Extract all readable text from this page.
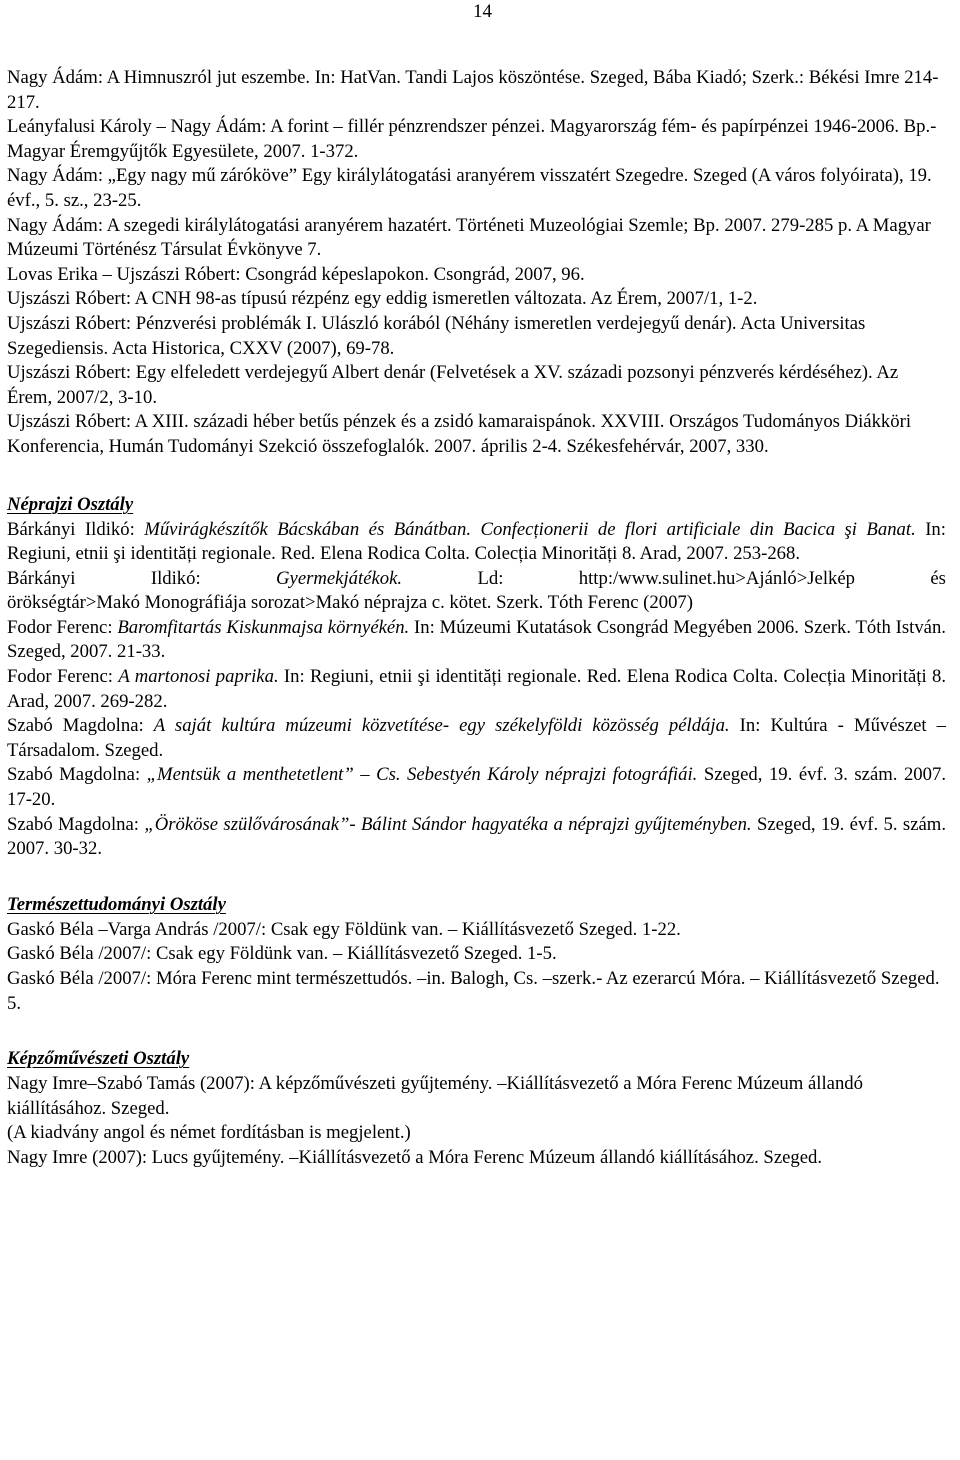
14

Nagy Ádám: A Himnuszról jut eszembe. In: HatVan. Tandi Lajos köszöntése. Szeged, Bába Kiadó; Szerk.: Békési Imre 214-217.

Leányfalusi Károly – Nagy Ádám: A forint – fillér pénzrendszer pénzei. Magyarország fém- és papírpénzei 1946-2006. Bp.- Magyar Éremgyűjtők Egyesülete, 2007. 1-372.

Nagy Ádám: „Egy nagy mű záróköve” Egy királylátogatási aranyérem visszatért Szegedre. Szeged (A város folyóirata), 19. évf., 5. sz., 23-25.

Nagy Ádám: A szegedi királylátogatási aranyérem hazatért. Történeti Muzeológiai Szemle; Bp. 2007. 279-285 p. A Magyar Múzeumi Történész Társulat Évkönyve 7.

Lovas Erika – Ujszászi Róbert: Csongrád képeslapokon. Csongrád, 2007, 96.

Ujszászi Róbert: A CNH 98-as típusú rézpénz egy eddig ismeretlen változata. Az Érem, 2007/1, 1-2.

Ujszászi Róbert: Pénzverési problémák I. Ulászló korából (Néhány ismeretlen verdejegyű denár). Acta Universitas Szegediensis. Acta Historica, CXXV (2007), 69-78.

Ujszászi Róbert: Egy elfeledett verdejegyű Albert denár (Felvetések a XV. századi pozsonyi pénzverés kérdéséhez). Az Érem, 2007/2, 3-10.

Ujszászi Róbert: A XIII. századi héber betűs pénzek és a zsidó kamaraispánok. XXVIII. Országos Tudományos Diákköri Konferencia, Humán Tudományi Szekció összefoglalók. 2007. április 2-4. Székesfehérvár, 2007, 330.

Néprajzi Osztály

Bárkányi Ildikó: Művirágkészítők Bácskában és Bánátban. Confecționerii de flori artificiale din Bacica şi Banat. In: Regiuni, etnii şi identități regionale. Red. Elena Rodica Colta. Colecția Minorități 8. Arad, 2007. 253-268.

Bárkányi	Ildikó:	Gyermekjátékok.	Ld:	http:/www.sulinet.hu>Ajánló>Jelkép	és

örökségtár>Makó Monográfiája sorozat>Makó néprajza c. kötet. Szerk. Tóth Ferenc (2007)

Fodor Ferenc: Baromfitartás Kiskunmajsa környékén. In: Múzeumi Kutatások Csongrád Megyében 2006. Szerk. Tóth István. Szeged, 2007. 21-33.

Fodor Ferenc: A martonosi paprika. In: Regiuni, etnii şi identități regionale. Red. Elena Rodica Colta. Colecția Minorități 8. Arad, 2007. 269-282.

Szabó Magdolna: A saját kultúra múzeumi közvetítése- egy székelyföldi közösség példája. In: Kultúra - Művészet – Társadalom. Szeged.

Szabó Magdolna: „Mentsük a menthetetlent” – Cs. Sebestyén Károly néprajzi fotográfiái. Szeged, 19. évf. 3. szám. 2007. 17-20.

Szabó Magdolna: „Örököse szülővárosának”- Bálint Sándor hagyatéka a néprajzi gyűjteményben. Szeged, 19. évf. 5. szám. 2007. 30-32.

Természettudományi Osztály

Gaskó Béla –Varga András /2007/: Csak egy Földünk van. – Kiállításvezető Szeged. 1-22.

Gaskó Béla /2007/: Csak egy Földünk van. – Kiállításvezető Szeged. 1-5.

Gaskó Béla /2007/: Móra Ferenc mint természettudós. –in. Balogh, Cs. –szerk.- Az ezerarcú Móra. – Kiállításvezető Szeged. 5.

Képzőművészeti Osztály

Nagy Imre–Szabó Tamás (2007): A képzőművészeti gyűjtemény. –Kiállításvezető a Móra Ferenc Múzeum állandó kiállításához. Szeged.

(A kiadvány angol és német fordításban is megjelent.)

Nagy Imre (2007): Lucs gyűjtemény. –Kiállításvezető a Móra Ferenc Múzeum állandó kiállításához. Szeged.
